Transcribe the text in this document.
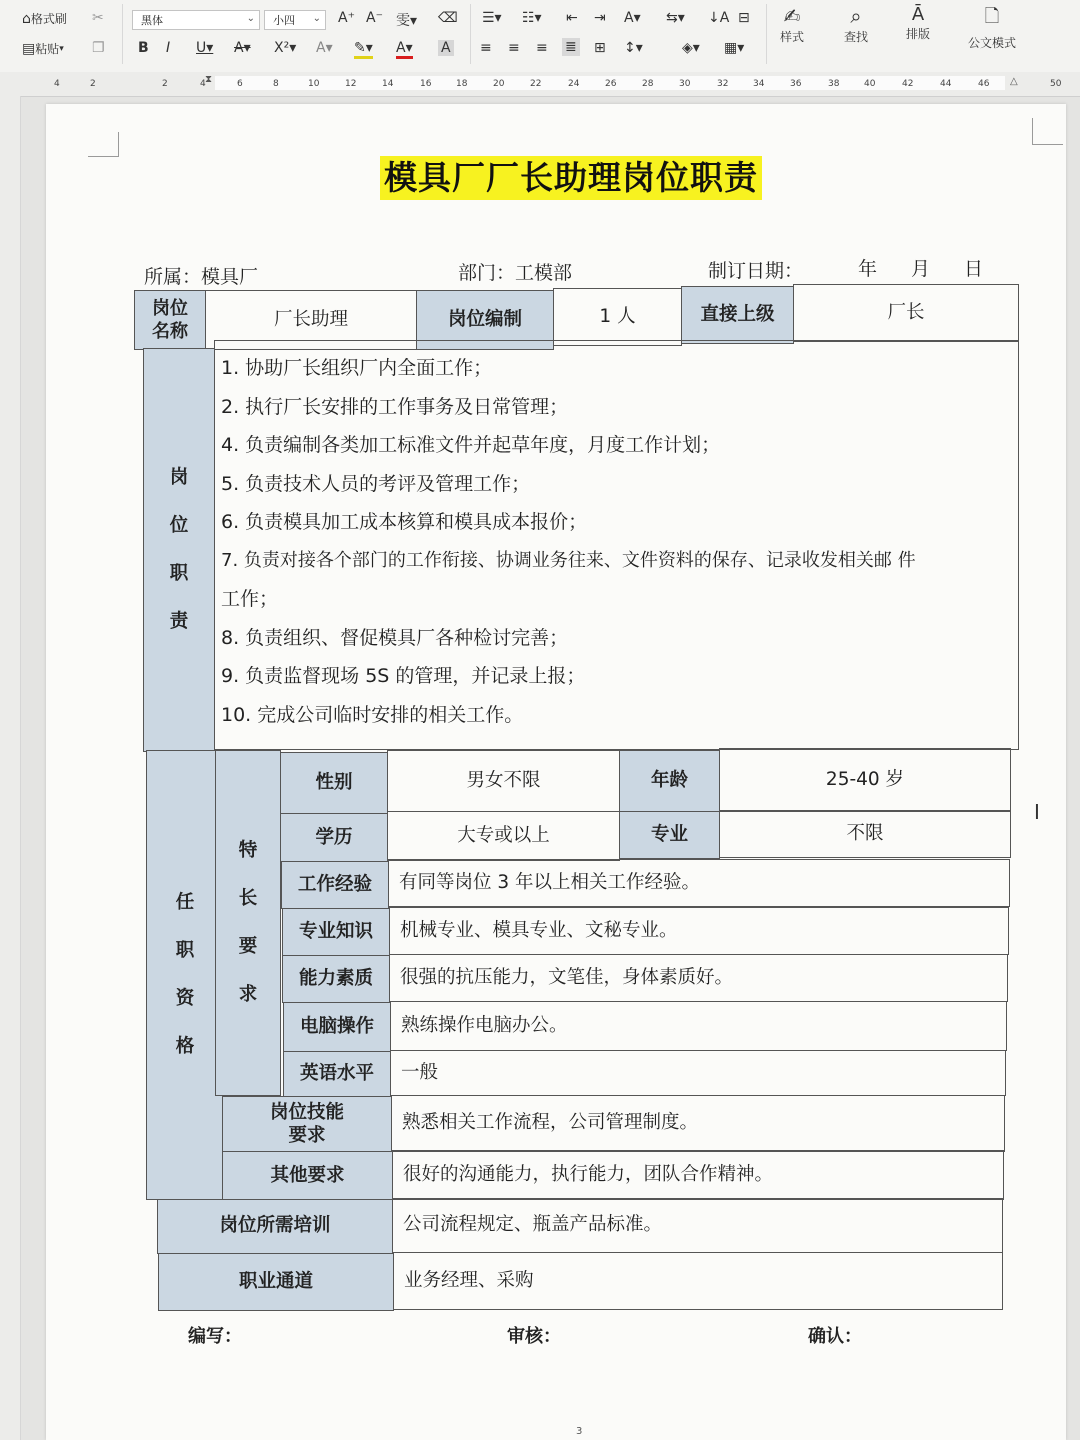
⌂ 格式刷 ✂
▤ 粘贴 ▾ ❐
黑体	⌄ 小四 ⌄ A⁺ A⁻ 雯▾ ⌫
B I U▾ A▾ X²▾ A▾ ✎▾ A▾ A
☰▾ ☷▾ ⇤ ⇥ A▾ ⇆▾ ↓A ⊟
≡ ≡ ≡ ≣ ⊞ ↕▾	◈▾ ▦▾
✍
样式
⌕
查找
Ā
排版
🗋
公文模式
4	2	2	4	6	8	10	12	14	16	18	20	22	24	26	28	30	32	34	36	38	40	42	44	46	50
⧗	△
模具厂厂长助理岗位职责
所属：模具厂	部门：工模部	制订日期：	年 月 日
岗位名称
厂长助理	岗位编制	1 人	直接上级	厂长
岗
位
职
责
1. 协助厂长组织厂内全面工作；
2. 执行厂长安排的工作事务及日常管理；
4. 负责编制各类加工标准文件并起草年度，月度工作计划；
5. 负责技术人员的考评及管理工作；
6. 负责模具加工成本核算和模具成本报价；
7. 负责对接各个部门的工作衔接、协调业务往来、文件资料的保存、记录收发相关邮 件
工作；
8. 负责组织、督促模具厂各种检讨完善；
9. 负责监督现场 5S 的管理，并记录上报；
10. 完成公司临时安排的相关工作。
任
职
资
格
特
长
要
求
性别	男女不限	年龄	25-40 岁
学历	大专或以上	专业	不限
工作经验	有同等岗位 3 年以上相关工作经验。
专业知识	机械专业、模具专业、文秘专业。
能力素质	很强的抗压能力，文笔佳，身体素质好。
电脑操作	熟练操作电脑办公。
英语水平	一般
岗位技能
要求
熟悉相关工作流程，公司管理制度。
其他要求	很好的沟通能力，执行能力，团队合作精神。
岗位所需培训	公司流程规定、瓶盖产品标准。
职业通道	业务经理、采购
编写：	审核：	确认：
3
I
